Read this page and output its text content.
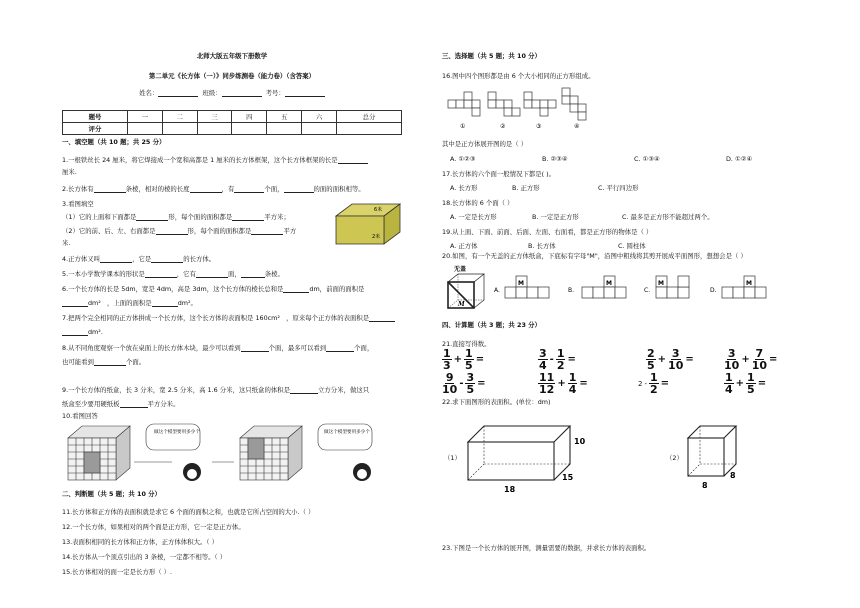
北师大版五年级下册数学
第二单元《长方体（一）》同步练测卷（能力卷）（含答案）
姓名：	班级：	考号：
题号	一	二	三	四	五	六	总分
评分							
一、填空题（共 10 题；共 25 分）
1.一根铁丝长 24 厘米，将它焊接成一个宽和高都是 1 厘米的长方体框架，这个长方体框架的长是
厘米.
2.长方体有	条棱，相对的棱的长度	，有	个面，	的面的面积相等。
3.看图填空
（1）它的上面和下面都是	形，每个面的面积都是	平方米；
（2）它的前、后、左、右面都是	形，每个面的面积都是	平方
米.
6米
2米
4.正方体又叫	，它是	的长方体。
5.一本小学数学课本的形状是	，它有	面，	条棱。
6.一个长方体的长是 5dm，宽是 4dm，高是 3dm，这个长方体的棱长总和是	dm，前面的面积是
dm² ，上面的面积是	dm²。
7.把两个完全相同的正方体拼成一个长方体，这个长方体的表面积是 160cm² ，原来每个正方体的表面积是
dm².
8.从不同角度观察一个放在桌面上的长方体木块，最少可以看到	个面，最多可以看到	个面，
也可能看到	个面。
9.一个长方体的纸盒，长 3 分米，宽 2.5 分米，高 1.6 分米，这只纸盒的体积是	立方分米，做这只
纸盒至少要用硬纸板	平方分米。
10.看图回答
做这个模型要用多少个	做这个模型要用多少个
二、判断题（共 5 题；共 10 分）
11.长方体和正方体的表面积就是求它 6 个面的面积之和，也就是它所占空间的大小.（ ）
12.一个长方体，如果相对的两个面是正方形，它一定是正方体。
13.表面积相同的长方体和正方体，正方体体积大。（ ）
14.长方体从一个顶点引出的 3 条棱，一定都不相等。（ ）
15.长方体相对的面一定是长方形（ ）.
三、选择题（共 5 题；共 10 分）
16.图中四个图形都是由 6 个大小相同的正方形组成。
①	②	③	④
其中是正方体展开图的是（ ）
A. ①②③	B. ②③④	C. ①③④	D. ①②④
17.长方体的六个面一般情况下都是( )。
A. 长方形	B. 正方形	C. 平行四边形
18.长方体的 6 个面（ ）
A. 一定是长方形	B. 一定是正方形	C. 最多是正方形不能超过两个。
19.从上面、下面、前面、后面、左面、右面看，都是正方形的物体是（ ）
A. 正方体	B. 长方体	C. 圆柱体
20.如图，有一个无盖的正方体纸盒，下底标有字母"M"，沿图中粗线将其剪开展成平面图形，想想会是（ ）
无盖
M
A.
M
B.
M
C.
M
D.
M
四、计算题（共 3 题；共 23 分）
21.直接写得数。
$\frac{1}{3} + \frac{1}{5}$ =	$\frac{3}{4} - \frac{1}{2}$ =	$\frac{2}{5} + \frac{3}{10}$ =	$\frac{3}{10} + \frac{7}{10}$ =
$\frac{9}{10} - \frac{3}{5}$ =	$\frac{11}{12} + \frac{1}{4}$ =	$2 - \frac{1}{2}$ =	$\frac{1}{4} + \frac{1}{5}$ =
22.求下面图形的表面积。(单位：dm)
（1）
10
15
18
（2）
8
8
23.下图是一个长方体的展开图，测量需要的数据，并求长方体的表面积。
